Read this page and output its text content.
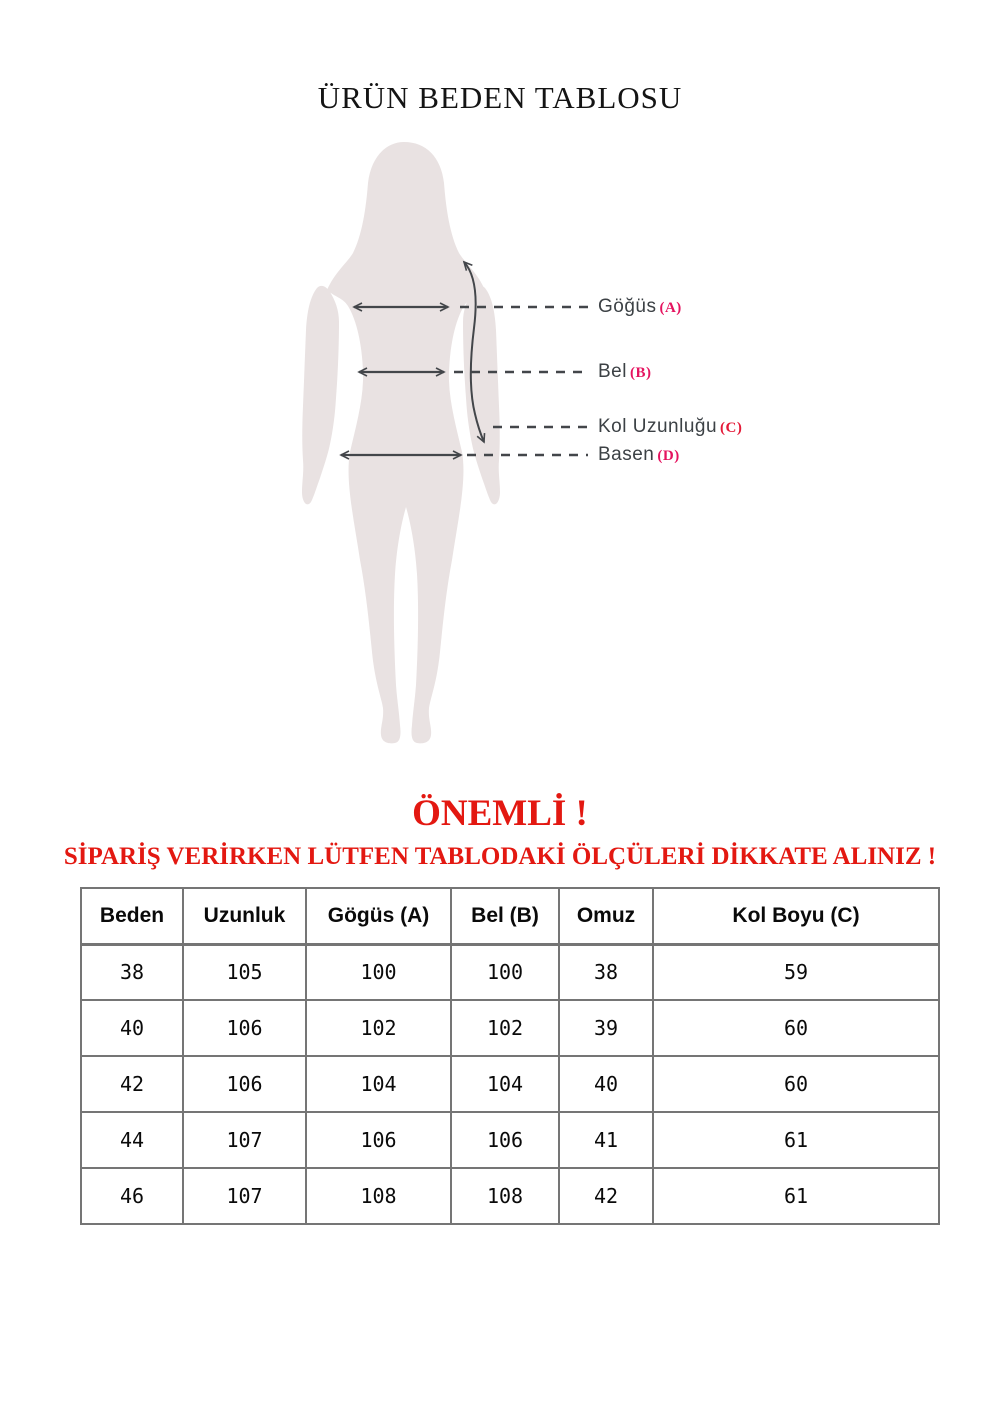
ÜRÜN BEDEN TABLOSU
Göğüs (A)
Bel (B)
Kol Uzunluğu (C)
Basen (D)
ÖNEMLİ !
SİPARİŞ VERİRKEN LÜTFEN TABLODAKİ ÖLÇÜLERİ DİKKATE ALINIZ !
Beden	Uzunluk	Gögüs (A)	Bel (B)	Omuz	Kol Boyu (C)
38	105	100	100	38	59
40	106	102	102	39	60
42	106	104	104	40	60
44	107	106	106	41	61
46	107	108	108	42	61
